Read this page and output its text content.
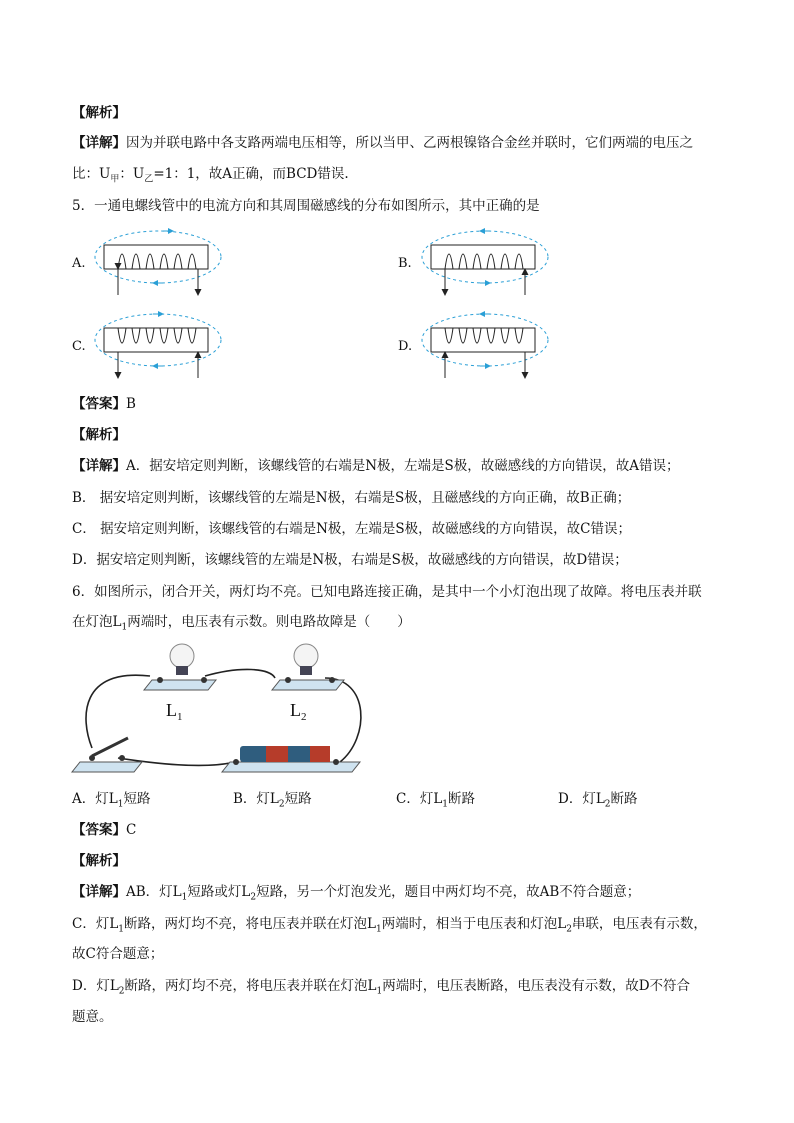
【解析】
【详解】因为并联电路中各支路两端电压相等，所以当甲、乙两根镍铬合金丝并联时，它们两端的电压之
比：$U_甲$：$U_乙=1$：1，故A正确，而BCD错误.
5．一通电螺线管中的电流方向和其周围磁感线的分布如图所示，其中正确的是
A.	B.
C.	D.
【答案】B
【解析】
【详解】A．据安培定则判断，该螺线管的右端是N极，左端是S极，故磁感线的方向错误，故A错误；
B． 据安培定则判断，该螺线管的左端是N极，右端是S极，且磁感线的方向正确，故B正确；
C． 据安培定则判断，该螺线管的右端是N极，左端是S极，故磁感线的方向错误，故C错误；
D．据安培定则判断，该螺线管的左端是N极，右端是S极，故磁感线的方向错误，故D错误；
6．如图所示，闭合开关，两灯均不亮。已知电路连接正确，是其中一个小灯泡出现了故障。将电压表并联
在灯泡$L_1$两端时，电压表有示数。则电路故障是（　　）
$L_1$	$L_2$
A．灯$L_1$短路	B．灯$L_2$短路	C．灯$L_1$断路	D．灯$L_2$断路
【答案】C
【解析】
【详解】AB．灯$L_1$短路或灯$L_2$短路，另一个灯泡发光，题目中两灯均不亮，故AB不符合题意；
C．灯$L_1$断路，两灯均不亮，将电压表并联在灯泡$L_1$两端时，相当于电压表和灯泡$L_2$串联，电压表有示数，
故C符合题意；
D．灯$L_2$断路，两灯均不亮，将电压表并联在灯泡$L_1$两端时，电压表断路，电压表没有示数，故D不符合
题意。
